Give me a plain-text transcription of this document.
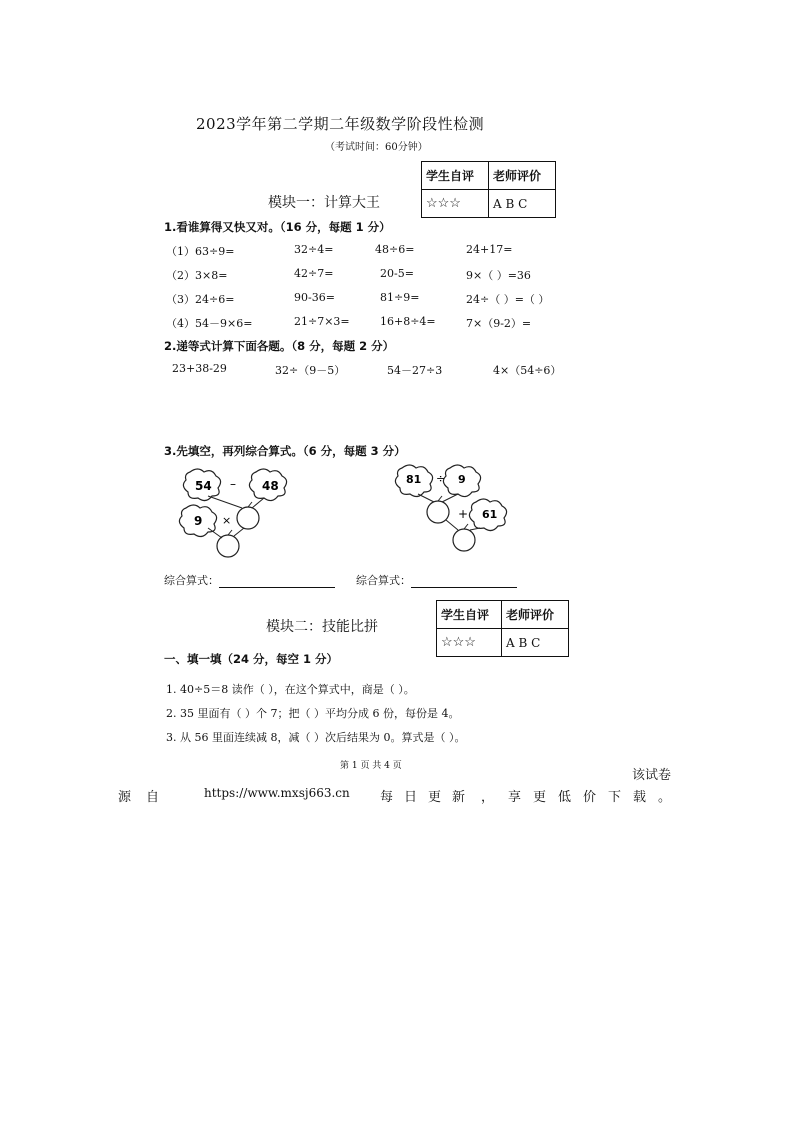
2023学年第二学期二年级数学阶段性检测
（考试时间：60分钟）
学生自评	老师评价
☆☆☆	A B C
模块一：计算大王
1.看谁算得又快又对。（16 分，每题 1 分）
（1）63÷9=	32÷4=	48÷6=	24+17=
（2）3×8=	42÷7=	20-5=	9×（ ）=36
（3）24÷6=	90-36=	81÷9=	24÷（ ）=（ ）
（4）54－9×6=	21÷7×3=	16+8÷4=	7×（9-2）=
2.递等式计算下面各题。（8 分，每题 2 分）
23+38-29	32÷（9－5）	54－27÷3	4×（54÷6）
3.先填空，再列综合算式。（6 分，每题 3 分）
54 – 48
9 ×
81 ÷ 9
61
+
综合算式：	综合算式：
学生自评	老师评价
☆☆☆	A B C
模块二：技能比拼
一、填一填（24 分，每空 1 分）
1. 40÷5＝8 读作（ ），在这个算式中，商是（ ）。
2. 35 里面有（ ）个 7；把（ ）平均分成 6 份，每份是 4。
3. 从 56 里面连续减 8，减（ ）次后结果为 0。算式是（ ）。
第 1 页 共 4 页
该试卷
源 自	https://www.mxsj663.cn 每 日 更 新 ， 享 更 低 价 下 载 。
